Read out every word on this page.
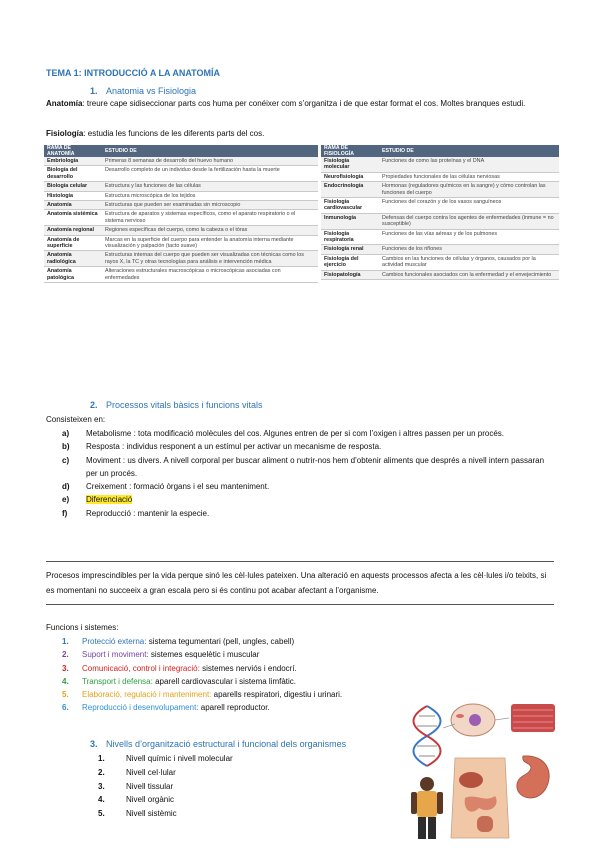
TEMA 1: INTRODUCCIÓ A LA ANATOMÍA
1. Anatomia vs Fisiologia
Anatomía: treure cape sidiseccionar parts cos huma per conéixer com s’organitza i de que estar format el cos. Moltes branques estudi.
Fisiología: estudia les funcions de les diferents parts del cos.
RAMA DE ANATOMÍA	ESTUDIO DE
Embriología	Primeras 8 semanas de desarrollo del huevo humano
Biología del desarrollo	Desarrollo completo de un individuo desde la fertilización hasta la muerte
Biología celular	Estructura y las funciones de las células
Histología	Estructura microscópica de los tejidos
Anatomía	Estructuras que pueden ser examinadas sin microscopio
Anatomía sistémica	Estructura de aparatos y sistemas específicos, como el aparato respiratorio o el sistema nervioso
Anatomía regional	Regiones específicas del cuerpo, como la cabeza o el tórax
Anatomía de superficie	Marcas en la superficie del cuerpo para entender la anatomía interna mediante visualización y palpación (tacto suave)
Anatomía radiológica	Estructuras internas del cuerpo que pueden ser visualizadas con técnicas como los rayos X, la TC y otras tecnologías para análisis e intervención médica
Anatomía patológica	Alteraciones estructurales macroscópicas o microscópicas asociadas con enfermedades
RAMA DE FISIOLOGÍA	ESTUDIO DE
Fisiología molecular	Funciones de como las proteínas y el DNA
Neurofisiología	Propiedades funcionales de las células nerviosas
Endocrinología	Hormonas (reguladores químicos en la sangre) y cómo controlan las funciones del cuerpo
Fisiología cardiovascular	Funciones del corazón y de los vasos sanguíneos
Inmunología	Defensas del cuerpo contra los agentes de enfermedades (inmune = no susceptible)
Fisiología respiratoria	Funciones de las vías aéreas y de los pulmones
Fisiología renal	Funciones de los riñones
Fisiología del ejercicio	Cambios en las funciones de células y órganos, causados por la actividad muscular
Fisiopatología	Cambios funcionales asociados con la enfermedad y el envejecimiento
2. Processos vitals bàsics i funcions vitals
Consisteixen en:
a) Metabolisme : tota modificació molècules del cos. Algunes entren de per si com l’oxigen i altres passen per un procés.
b) Resposta : individus responent a un estímul per activar un mecanisme de resposta.
c) Moviment : us divers. A nivell corporal per buscar aliment o nutrir-nos hem d’obtenir aliments que després a nivell intern passaran per un procés.
d) Creixement : formació òrgans i el seu manteniment.
e) Diferenciació
f) Reproducció : mantenir la especie.
Procesos imprescindibles per la vida perque sinó les cèl·lules pateixen. Una alteració en aquests processos afecta a les cèl·lules i/o teixits, si es momentani no succeeix a gran escala pero si és continu pot acabar afectant a l’organisme.
Funcions i sistemes:
1. Protecció externa: sistema tegumentari (pell, ungles, cabell)
2. Suport i moviment: sistemes esquelètic i muscular
3. Comunicació, control i integració: sistemes nerviós i endocrí.
4. Transport i defensa: aparell cardiovascular i sistema limfàtic.
5. Elaboració, regulació i manteniment: aparells respiratori, digestiu i urinari.
6. Reproducció i desenvolupament: aparell reproductor.
3. Nivells d’organització estructural i funcional dels organismes
1.	Nivell químic i nivell molecular
2.	Nivell cel·lular
3.	Nivell tissular
4.	Nivell orgànic
5.	Nivell sistèmic
